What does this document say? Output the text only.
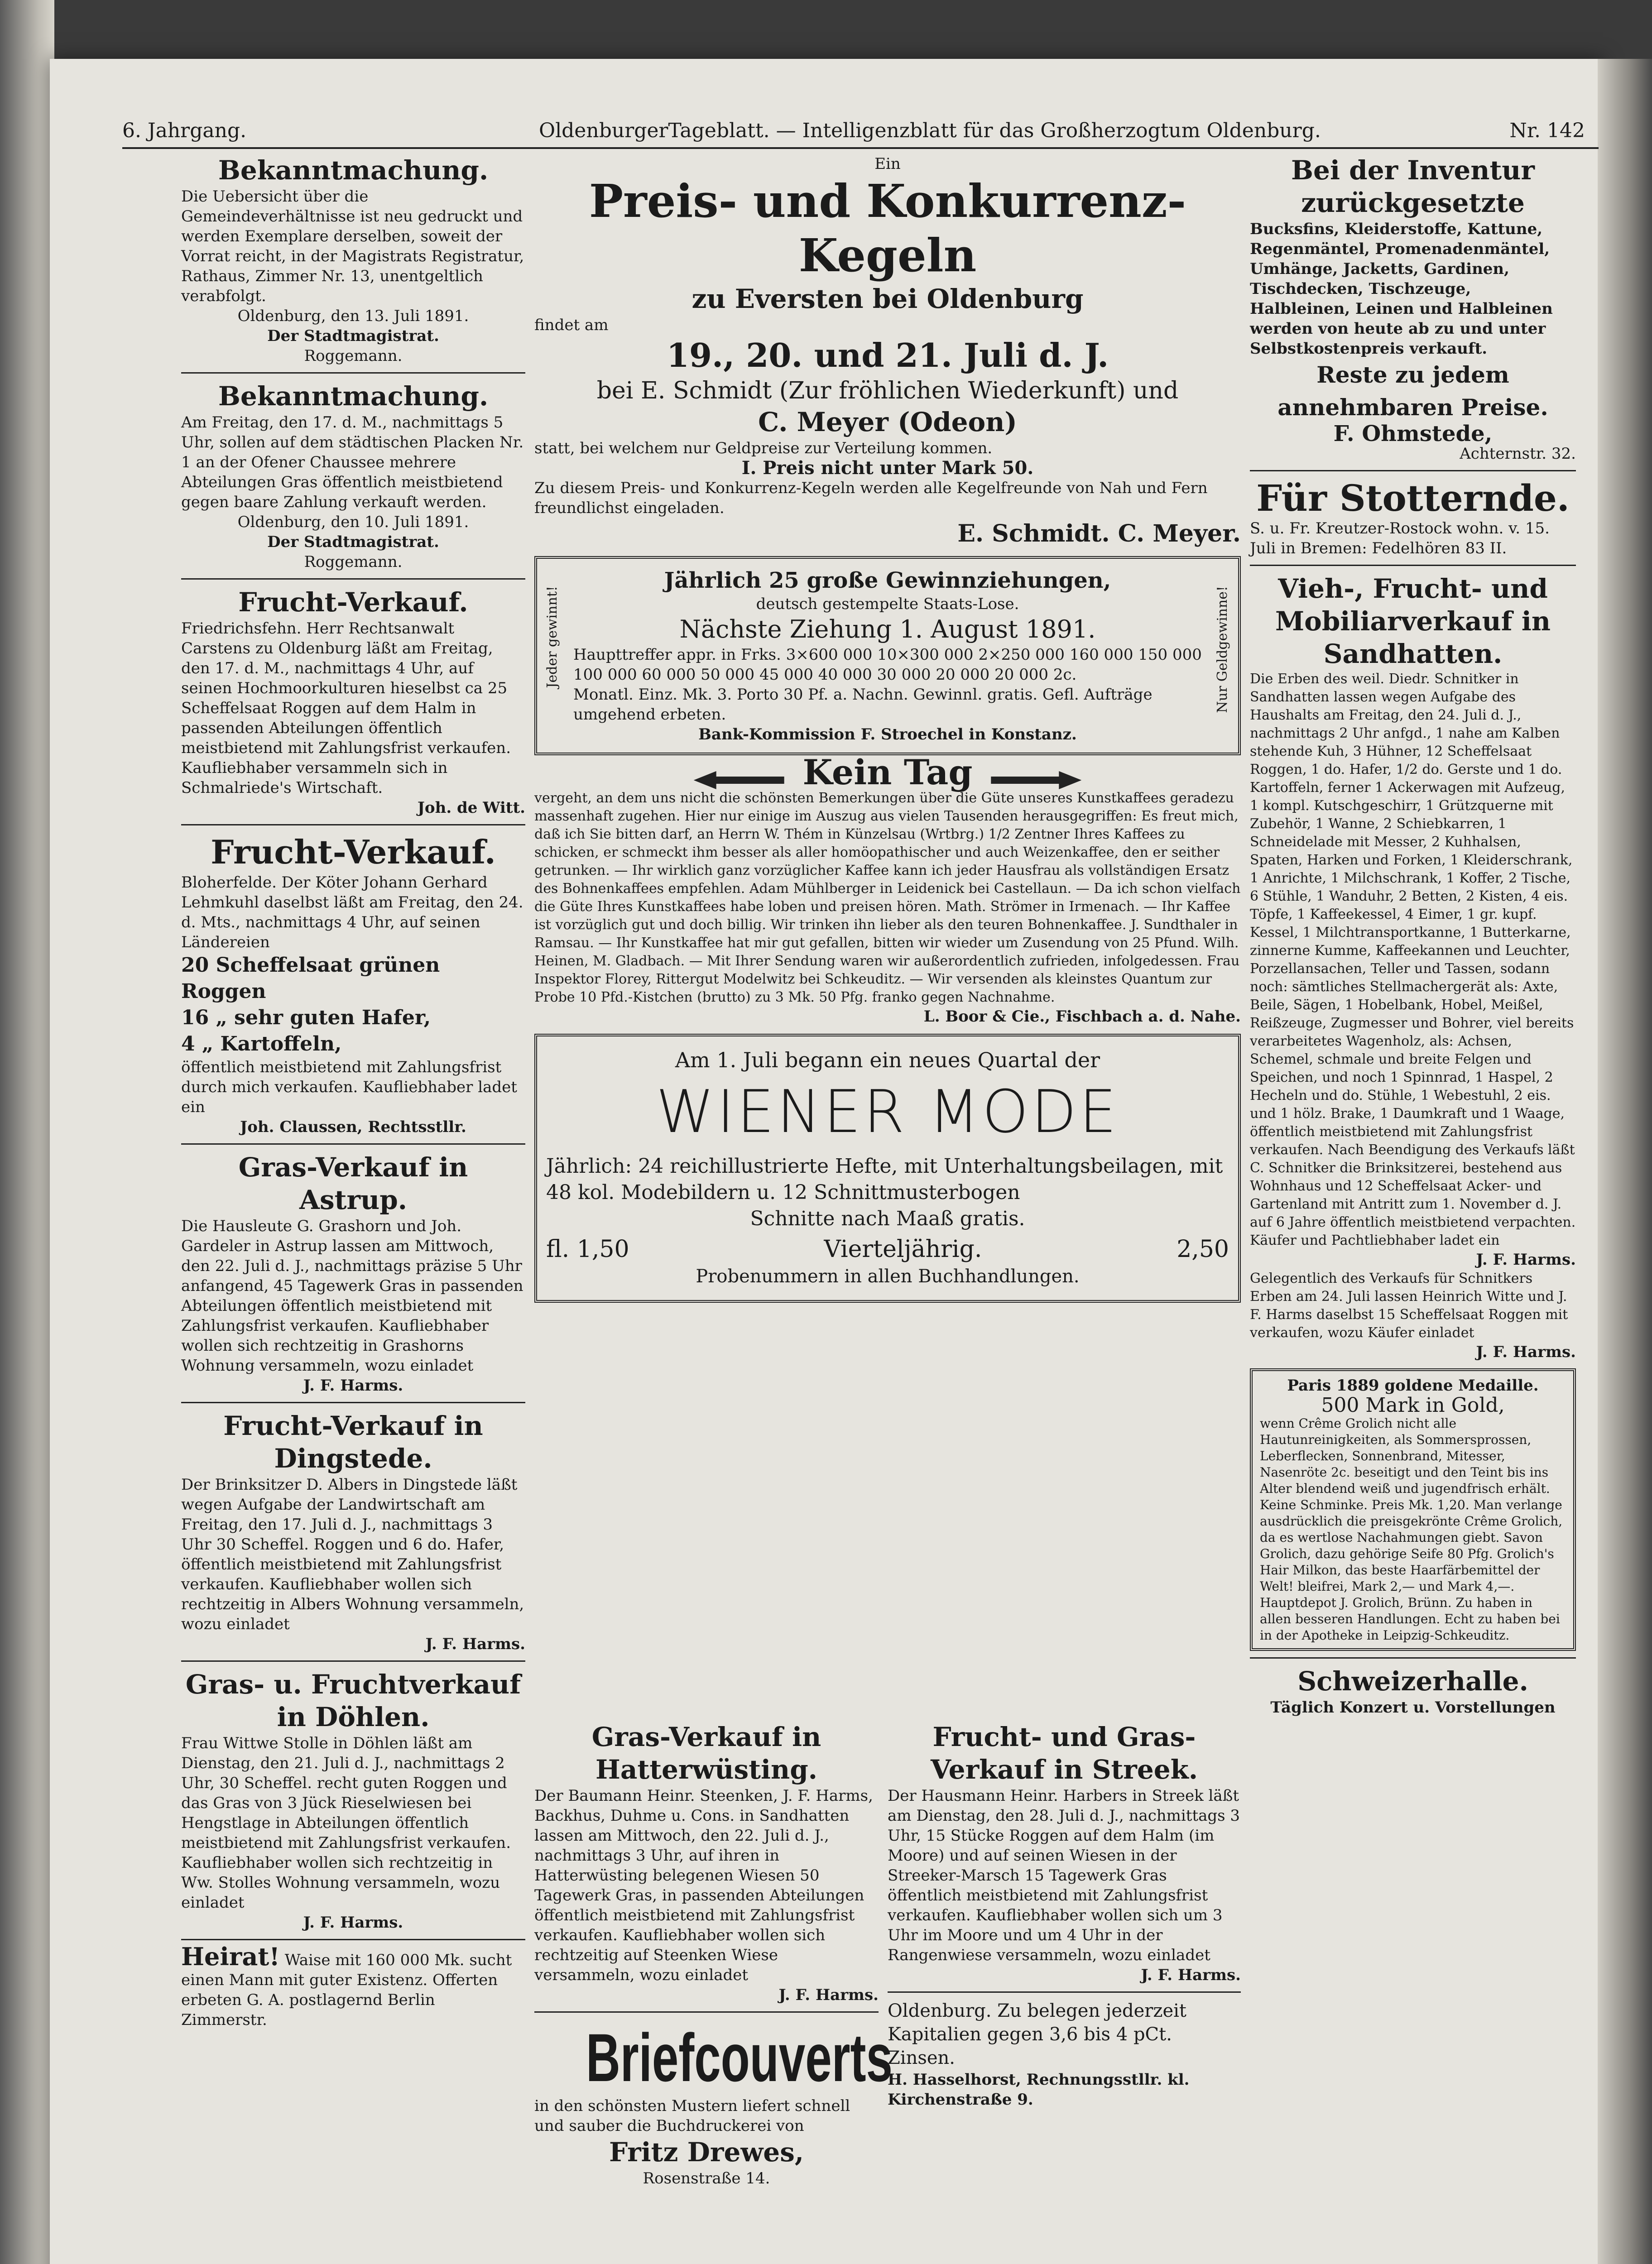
6. Jahrgang.	OldenburgerTageblatt. — Intelligenzblatt für das Großherzogtum Oldenburg.	Nr. 142
Bekanntmachung.
Die Uebersicht über die Gemeindeverhältnisse ist neu gedruckt und werden Exemplare derselben, soweit der Vorrat reicht, in der Magistrats Registratur, Rathaus, Zimmer Nr. 13, unentgeltlich verabfolgt.
Oldenburg, den 13. Juli 1891.
Der Stadtmagistrat.
Roggemann.
Bekanntmachung.
Am Freitag, den 17. d. M., nachmittags 5 Uhr, sollen auf dem städtischen Placken Nr. 1 an der Ofener Chaussee mehrere Abteilungen Gras öffentlich meistbietend gegen baare Zahlung verkauft werden.
Oldenburg, den 10. Juli 1891.
Der Stadtmagistrat.
Roggemann.
Frucht-Verkauf.
Friedrichsfehn. Herr Rechtsanwalt Carstens zu Oldenburg läßt am Freitag, den 17. d. M., nachmittags 4 Uhr, auf seinen Hochmoorkulturen hieselbst ca 25 Scheffelsaat Roggen auf dem Halm in passenden Abteilungen öffentlich meistbietend mit Zahlungsfrist verkaufen. Kaufliebhaber versammeln sich in Schmalriede's Wirtschaft.
Joh. de Witt.
Frucht-Verkauf.
Bloherfelde. Der Köter Johann Gerhard Lehmkuhl daselbst läßt am Freitag, den 24. d. Mts., nachmittags 4 Uhr, auf seinen Ländereien
20 Scheffelsaat grünen Roggen
16 „ sehr guten Hafer,
4 „ Kartoffeln,
öffentlich meistbietend mit Zahlungsfrist durch mich verkaufen. Kaufliebhaber ladet ein
Joh. Claussen, Rechtsstllr.
Gras-Verkauf in Astrup.
Die Hausleute G. Grashorn und Joh. Gardeler in Astrup lassen am Mittwoch, den 22. Juli d. J., nachmittags präzise 5 Uhr anfangend, 45 Tagewerk Gras in passenden Abteilungen öffentlich meistbietend mit Zahlungsfrist verkaufen. Kaufliebhaber wollen sich rechtzeitig in Grashorns Wohnung versammeln, wozu einladet
J. F. Harms.
Frucht-Verkauf in Dingstede.
Der Brinksitzer D. Albers in Dingstede läßt wegen Aufgabe der Landwirtschaft am Freitag, den 17. Juli d. J., nachmittags 3 Uhr 30 Scheffel. Roggen und 6 do. Hafer, öffentlich meistbietend mit Zahlungsfrist verkaufen. Kaufliebhaber wollen sich rechtzeitig in Albers Wohnung versammeln, wozu einladet
J. F. Harms.
Gras- u. Fruchtverkauf in Döhlen.
Frau Wittwe Stolle in Döhlen läßt am Dienstag, den 21. Juli d. J., nachmittags 2 Uhr, 30 Scheffel. recht guten Roggen und das Gras von 3 Jück Rieselwiesen bei Hengstlage in Abteilungen öffentlich meistbietend mit Zahlungsfrist verkaufen. Kaufliebhaber wollen sich rechtzeitig in Ww. Stolles Wohnung versammeln, wozu einladet
J. F. Harms.
Heirat! Waise mit 160 000 Mk. sucht einen Mann mit guter Existenz. Offerten erbeten G. A. postlagernd Berlin Zimmerstr.
Ein
Preis- und Konkurrenz-Kegeln
zu Eversten bei Oldenburg
findet am
19., 20. und 21. Juli d. J.
bei E. Schmidt (Zur fröhlichen Wiederkunft) und
C. Meyer (Odeon)
statt, bei welchem nur Geldpreise zur Verteilung kommen.
I. Preis nicht unter Mark 50.
Zu diesem Preis- und Konkurrenz-Kegeln werden alle Kegelfreunde von Nah und Fern freundlichst eingeladen.
E. Schmidt. C. Meyer.
Jeder gewinnt!	Nur Geldgewinne!
Jährlich 25 große Gewinnziehungen,
deutsch gestempelte Staats-Lose.
Nächste Ziehung 1. August 1891.
Haupttreffer appr. in Frks. 3×600 000 10×300 000 2×250 000 160 000 150 000 100 000 60 000 50 000 45 000 40 000 30 000 20 000 20 000 2c.
Monatl. Einz. Mk. 3. Porto 30 Pf. a. Nachn. Gewinnl. gratis. Gefl. Aufträge umgehend erbeten.
Bank-Kommission F. Stroechel in Konstanz.
Kein Tag
vergeht, an dem uns nicht die schönsten Bemerkungen über die Güte unseres Kunstkaffees geradezu massenhaft zugehen. Hier nur einige im Auszug aus vielen Tausenden herausgegriffen: Es freut mich, daß ich Sie bitten darf, an Herrn W. Thém in Künzelsau (Wrtbrg.) 1/2 Zentner Ihres Kaffees zu schicken, er schmeckt ihm besser als aller homöopathischer und auch Weizenkaffee, den er seither getrunken. — Ihr wirklich ganz vorzüglicher Kaffee kann ich jeder Hausfrau als vollständigen Ersatz des Bohnenkaffees empfehlen. Adam Mühlberger in Leidenick bei Castellaun. — Da ich schon vielfach die Güte Ihres Kunstkaffees habe loben und preisen hören. Math. Strömer in Irmenach. — Ihr Kaffee ist vorzüglich gut und doch billig. Wir trinken ihn lieber als den teuren Bohnenkaffee. J. Sundthaler in Ramsau. — Ihr Kunstkaffee hat mir gut gefallen, bitten wir wieder um Zusendung von 25 Pfund. Wilh. Heinen, M. Gladbach. — Mit Ihrer Sendung waren wir außerordentlich zufrieden, infolgedessen. Frau Inspektor Florey, Rittergut Modelwitz bei Schkeuditz. — Wir versenden als kleinstes Quantum zur Probe 10 Pfd.-Kistchen (brutto) zu 3 Mk. 50 Pfg. franko gegen Nachnahme.
L. Boor & Cie., Fischbach a. d. Nahe.
Am 1. Juli begann ein neues Quartal der
WIENER MODE
Jährlich: 24 reichillustrierte Hefte, mit Unterhaltungsbeilagen, mit 48 kol. Modebildern u. 12 Schnittmusterbogen
Schnitte nach Maaß gratis.
fl. 1,50	Vierteljährig.	2,50
Probenummern in allen Buchhandlungen.
Gras-Verkauf in Hatterwüsting.
Der Baumann Heinr. Steenken, J. F. Harms, Backhus, Duhme u. Cons. in Sandhatten lassen am Mittwoch, den 22. Juli d. J., nachmittags 3 Uhr, auf ihren in Hatterwüsting belegenen Wiesen 50 Tagewerk Gras, in passenden Abteilungen öffentlich meistbietend mit Zahlungsfrist verkaufen. Kaufliebhaber wollen sich rechtzeitig auf Steenken Wiese versammeln, wozu einladet
J. F. Harms.
Briefcouverts
in den schönsten Mustern liefert schnell und sauber die Buchdruckerei von
Fritz Drewes,
Rosenstraße 14.
Frucht- und Gras-Verkauf in Streek.
Der Hausmann Heinr. Harbers in Streek läßt am Dienstag, den 28. Juli d. J., nachmittags 3 Uhr, 15 Stücke Roggen auf dem Halm (im Moore) und auf seinen Wiesen in der Streeker-Marsch 15 Tagewerk Gras öffentlich meistbietend mit Zahlungsfrist verkaufen. Kaufliebhaber wollen sich um 3 Uhr im Moore und um 4 Uhr in der Rangenwiese versammeln, wozu einladet
J. F. Harms.
Oldenburg. Zu belegen jederzeit Kapitalien gegen 3,6 bis 4 pCt. Zinsen.
H. Hasselhorst, Rechnungsstllr. kl. Kirchenstraße 9.
Bei der Inventur zurückgesetzte
Bucksfins, Kleiderstoffe, Kattune, Regenmäntel, Promenadenmäntel, Umhänge, Jacketts, Gardinen, Tischdecken, Tischzeuge, Halbleinen, Leinen und Halbleinen werden von heute ab zu und unter Selbstkostenpreis verkauft.
Reste zu jedem annehmbaren Preise.
F. Ohmstede,
Achternstr. 32.
Für Stotternde.
S. u. Fr. Kreutzer-Rostock wohn. v. 15. Juli in Bremen: Fedelhören 83 II.
Vieh-, Frucht- und Mobiliarverkauf in Sandhatten.
Die Erben des weil. Diedr. Schnitker in Sandhatten lassen wegen Aufgabe des Haushalts am Freitag, den 24. Juli d. J., nachmittags 2 Uhr anfgd., 1 nahe am Kalben stehende Kuh, 3 Hühner, 12 Scheffelsaat Roggen, 1 do. Hafer, 1/2 do. Gerste und 1 do. Kartoffeln, ferner 1 Ackerwagen mit Aufzeug, 1 kompl. Kutschgeschirr, 1 Grützquerne mit Zubehör, 1 Wanne, 2 Schiebkarren, 1 Schneidelade mit Messer, 2 Kuhhalsen, Spaten, Harken und Forken, 1 Kleiderschrank, 1 Anrichte, 1 Milchschrank, 1 Koffer, 2 Tische, 6 Stühle, 1 Wanduhr, 2 Betten, 2 Kisten, 4 eis. Töpfe, 1 Kaffeekessel, 4 Eimer, 1 gr. kupf. Kessel, 1 Milchtransportkanne, 1 Butterkarne, zinnerne Kumme, Kaffeekannen und Leuchter, Porzellansachen, Teller und Tassen, sodann noch: sämtliches Stellmachergerät als: Axte, Beile, Sägen, 1 Hobelbank, Hobel, Meißel, Reißzeuge, Zugmesser und Bohrer, viel bereits verarbeitetes Wagenholz, als: Achsen, Schemel, schmale und breite Felgen und Speichen, und noch 1 Spinnrad, 1 Haspel, 2 Hecheln und do. Stühle, 1 Webestuhl, 2 eis. und 1 hölz. Brake, 1 Daumkraft und 1 Waage, öffentlich meistbietend mit Zahlungsfrist verkaufen. Nach Beendigung des Verkaufs läßt C. Schnitker die Brinksitzerei, bestehend aus Wohnhaus und 12 Scheffelsaat Acker- und Gartenland mit Antritt zum 1. November d. J. auf 6 Jahre öffentlich meistbietend verpachten. Käufer und Pachtliebhaber ladet ein
J. F. Harms.
Gelegentlich des Verkaufs für Schnitkers Erben am 24. Juli lassen Heinrich Witte und J. F. Harms daselbst 15 Scheffelsaat Roggen mit verkaufen, wozu Käufer einladet
J. F. Harms.
Paris 1889 goldene Medaille.
500 Mark in Gold,
wenn Crême Grolich nicht alle Hautunreinigkeiten, als Sommersprossen, Leberflecken, Sonnenbrand, Mitesser, Nasenröte 2c. beseitigt und den Teint bis ins Alter blendend weiß und jugendfrisch erhält. Keine Schminke. Preis Mk. 1,20. Man verlange ausdrücklich die preisgekrönte Crême Grolich, da es wertlose Nachahmungen giebt. Savon Grolich, dazu gehörige Seife 80 Pfg. Grolich's Hair Milkon, das beste Haarfärbemittel der Welt! bleifrei, Mark 2,— und Mark 4,—. Hauptdepot J. Grolich, Brünn. Zu haben in allen besseren Handlungen. Echt zu haben bei in der Apotheke in Leipzig-Schkeuditz.
Schweizerhalle.
Täglich Konzert u. Vorstellungen
